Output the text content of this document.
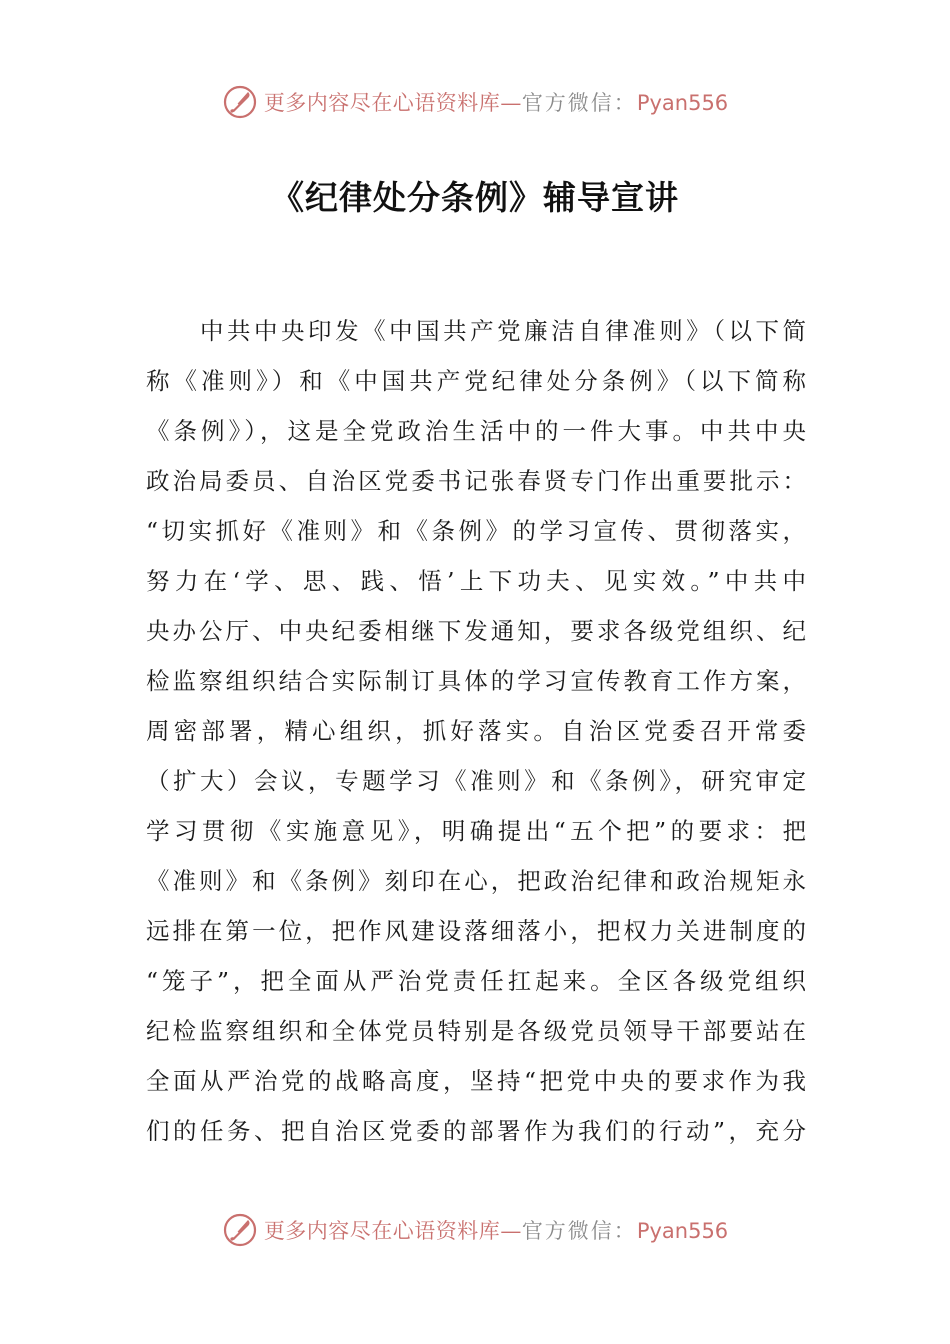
更多内容尽在心语资料库—官方微信：Pyan556
《纪律处分条例》辅导宣讲
　　中共中央印发《中国共产党廉洁自律准则》（以下简
称《准则》）和《中国共产党纪律处分条例》（以下简称
《条例》），这是全党政治生活中的一件大事。中共中央
政治局委员、自治区党委书记张春贤专门作出重要批示：
“切实抓好《准则》和《条例》的学习宣传、贯彻落实，
努力在‘学、思、践、悟’上下功夫、见实效。”中共中
央办公厅、中央纪委相继下发通知，要求各级党组织、纪
检监察组织结合实际制订具体的学习宣传教育工作方案，
周密部署，精心组织，抓好落实。自治区党委召开常委
（扩大）会议，专题学习《准则》和《条例》，研究审定
学习贯彻《实施意见》，明确提出“五个把”的要求：把
《准则》和《条例》刻印在心，把政治纪律和政治规矩永
远排在第一位，把作风建设落细落小，把权力关进制度的
“笼子”，把全面从严治党责任扛起来。全区各级党组织
纪检监察组织和全体党员特别是各级党员领导干部要站在
全面从严治党的战略高度，坚持“把党中央的要求作为我
们的任务、把自治区党委的部署作为我们的行动”，充分
更多内容尽在心语资料库—官方微信：Pyan556
